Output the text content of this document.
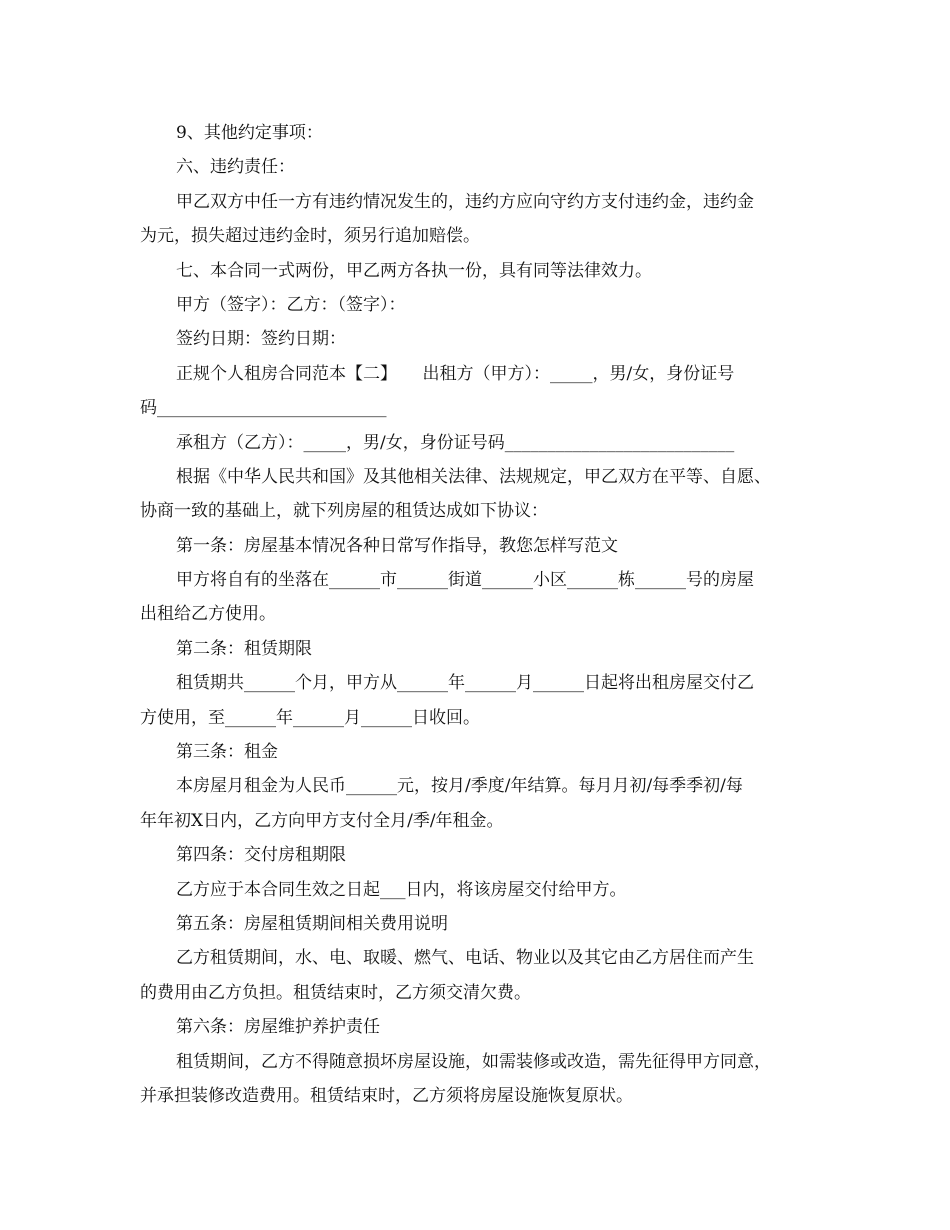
9、其他约定事项：
六、违约责任：
甲乙双方中任一方有违约情况发生的，违约方应向守约方支付违约金，违约金
为元，损失超过违约金时，须另行追加赔偿。
七、本合同一式两份，甲乙两方各执一份，具有同等法律效力。
甲方（签字）：乙方：（签字）：
签约日期：签约日期：
正规个人租房合同范本【二】　　出租方（甲方）：_____，男/女，身份证号
码___________________________
承租方（乙方）：_____，男/女，身份证号码___________________________
根据《中华人民共和国》及其他相关法律、法规规定，甲乙双方在平等、自愿、
协商一致的基础上，就下列房屋的租赁达成如下协议：
第一条：房屋基本情况各种日常写作指导，教您怎样写范文
甲方将自有的坐落在______市______街道______小区______栋______号的房屋
出租给乙方使用。
第二条：租赁期限
租赁期共______个月，甲方从______年______月______日起将出租房屋交付乙
方使用，至______年______月______日收回。
第三条：租金
本房屋月租金为人民币______元，按月/季度/年结算。每月月初/每季季初/每
年年初X日内，乙方向甲方支付全月/季/年租金。
第四条：交付房租期限
乙方应于本合同生效之日起___日内，将该房屋交付给甲方。
第五条：房屋租赁期间相关费用说明
乙方租赁期间，水、电、取暖、燃气、电话、物业以及其它由乙方居住而产生
的费用由乙方负担。租赁结束时，乙方须交清欠费。
第六条：房屋维护养护责任
租赁期间，乙方不得随意损坏房屋设施，如需装修或改造，需先征得甲方同意，
并承担装修改造费用。租赁结束时，乙方须将房屋设施恢复原状。
